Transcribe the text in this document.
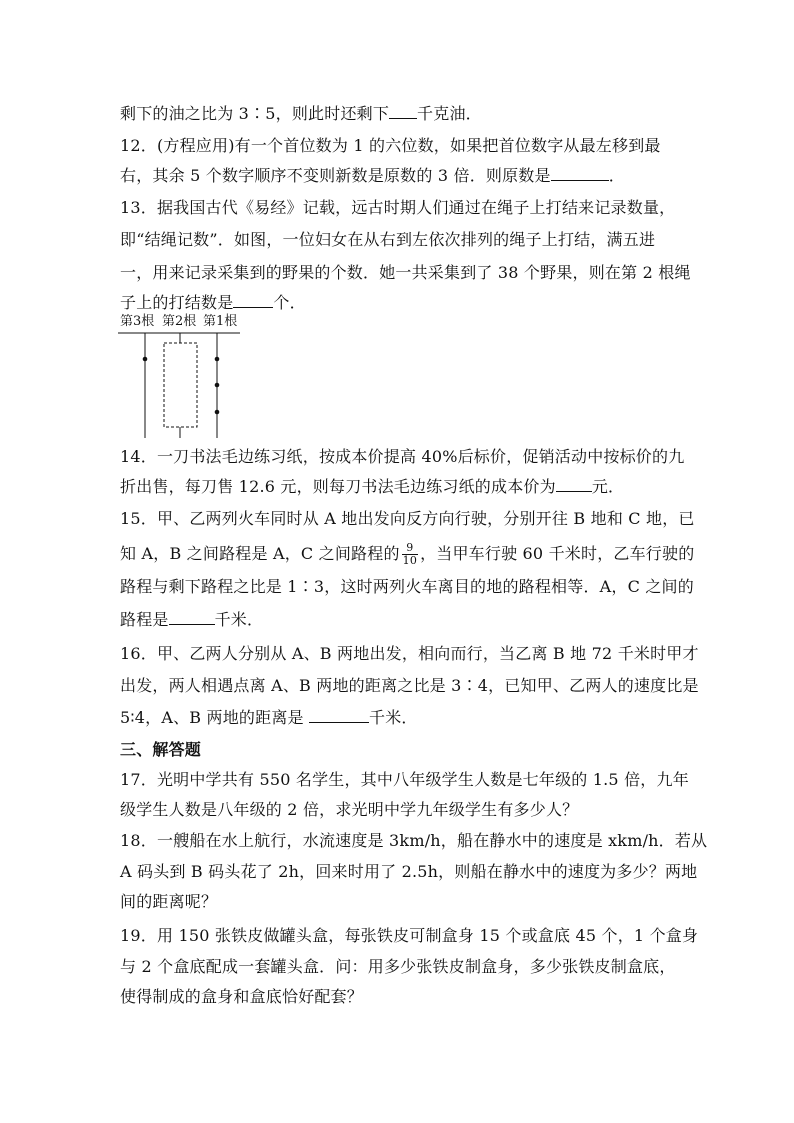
剩下的油之比为 3∶5，则此时还剩下 千克油．
12．(方程应用)有一个首位数为 1 的六位数，如果把首位数字从最左移到最
右，其余 5 个数字顺序不变则新数是原数的 3 倍．则原数是	．
13．据我国古代《易经》记载，远古时期人们通过在绳子上打结来记录数量，
即“结绳记数”．如图，一位妇女在从右到左依次排列的绳子上打结，满五进
一，用来记录采集到的野果的个数．她一共采集到了 38 个野果，则在第 2 根绳
子上的打结数是	个．
第3根 第2根 第1根
14．一刀书法毛边练习纸，按成本价提高 40%后标价，促销活动中按标价的九
折出售，每刀售 12.6 元，则每刀书法毛边练习纸的成本价为 元．
15．甲、乙两列火车同时从 A 地出发向反方向行驶，分别开往 B 地和 C 地，已
知 A，B 之间路程是 A，C 之间路程的 $\frac{9}{10}$ ，当甲车行驶 60 千米时，乙车行驶的
路程与剩下路程之比是 1∶3，这时两列火车离目的地的路程相等．A，C 之间的
路程是	千米．
16．甲、乙两人分别从 A、B 两地出发，相向而行，当乙离 B 地 72 千米时甲才
出发，两人相遇点离 A、B 两地的距离之比是 3∶4，已知甲、乙两人的速度比是
5∶4，A、B 两地的距离是	千米．
三、解答题
17．光明中学共有 550 名学生，其中八年级学生人数是七年级的 1.5 倍，九年
级学生人数是八年级的 2 倍，求光明中学九年级学生有多少人？
18．一艘船在水上航行，水流速度是 3km/h，船在静水中的速度是 xkm/h．若从
A 码头到 B 码头花了 2h，回来时用了 2.5h，则船在静水中的速度为多少？两地
间的距离呢？
19．用 150 张铁皮做罐头盒，每张铁皮可制盒身 15 个或盒底 45 个，1 个盒身
与 2 个盒底配成一套罐头盒．问：用多少张铁皮制盒身，多少张铁皮制盒底，
使得制成的盒身和盒底恰好配套？
